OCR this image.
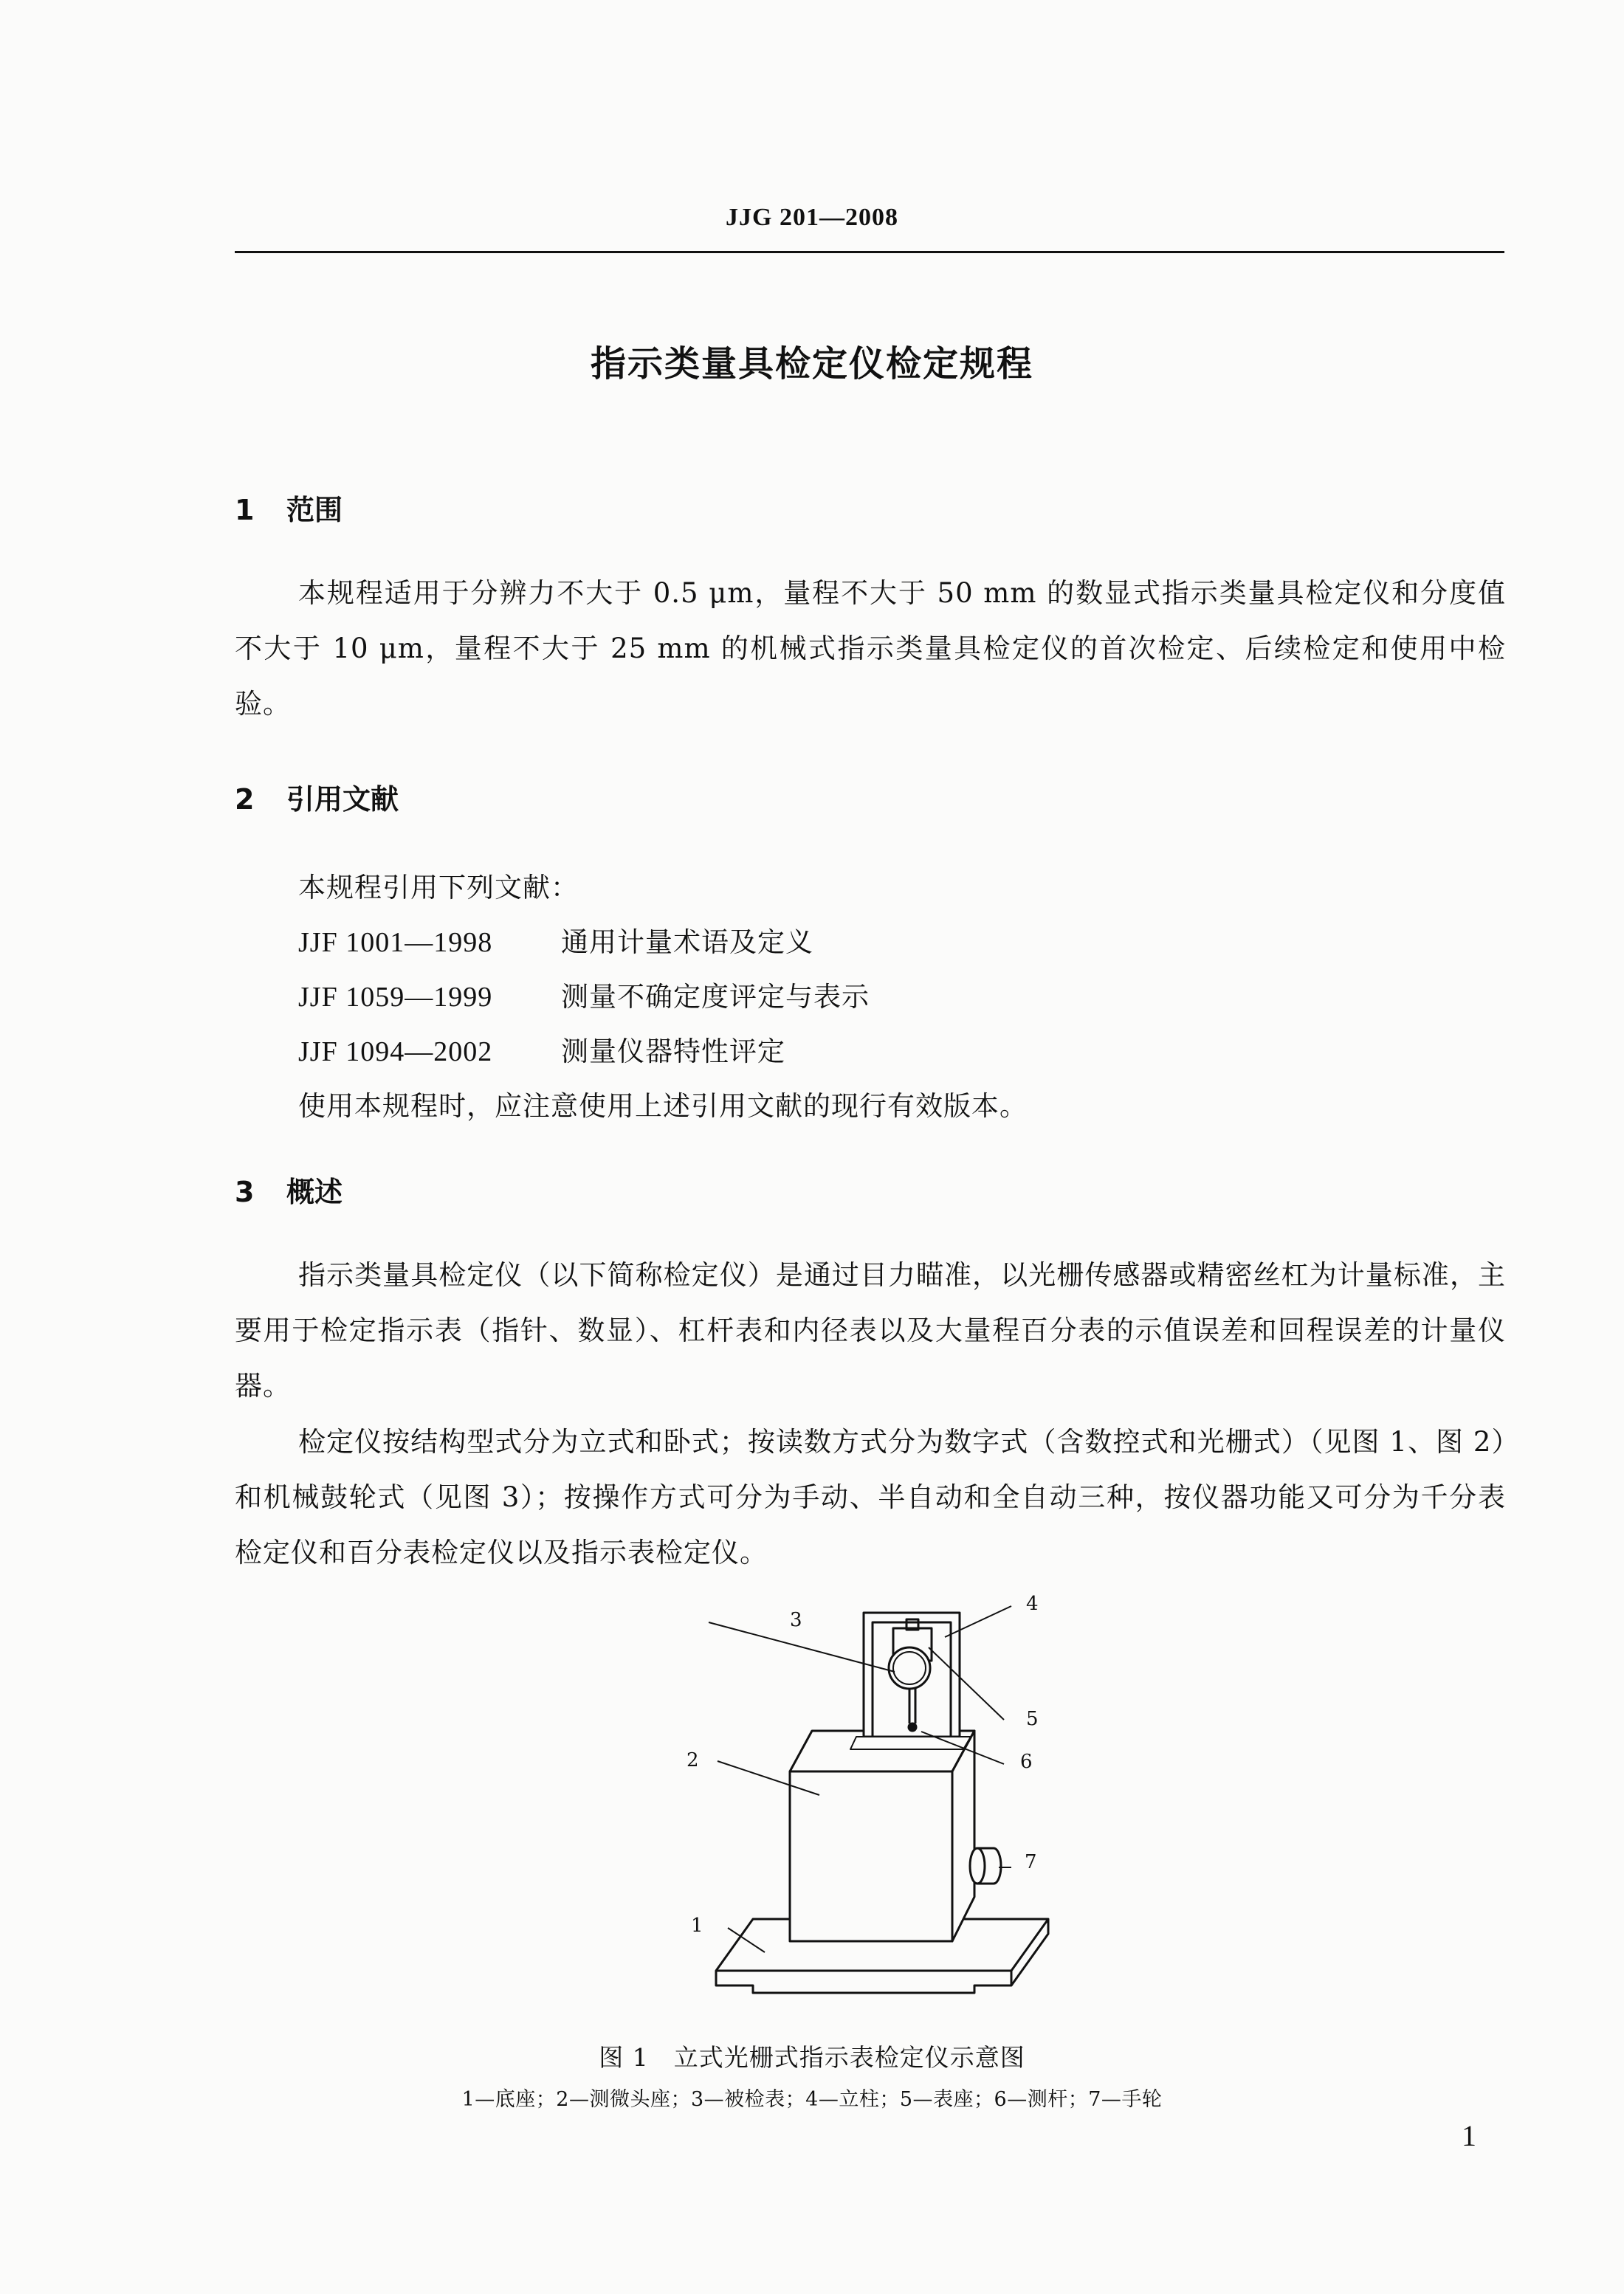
JJG 201—2008
指示类量具检定仪检定规程
1 范围
本规程适用于分辨力不大于 0.5 μm，量程不大于 50 mm 的数显式指示类量具检定仪和分度值不大于 10 μm，量程不大于 25 mm 的机械式指示类量具检定仪的首次检定、后续检定和使用中检验。
2 引用文献
本规程引用下列文献：
JJF 1001—1998	通用计量术语及定义
JJF 1059—1999	测量不确定度评定与表示
JJF 1094—2002	测量仪器特性评定
使用本规程时，应注意使用上述引用文献的现行有效版本。
3 概述
指示类量具检定仪（以下简称检定仪）是通过目力瞄准，以光栅传感器或精密丝杠为计量标准，主要用于检定指示表（指针、数显）、杠杆表和内径表以及大量程百分表的示值误差和回程误差的计量仪器。
检定仪按结构型式分为立式和卧式；按读数方式分为数字式（含数控式和光栅式）（见图 1、图 2）和机械鼓轮式（见图 3）；按操作方式可分为手动、半自动和全自动三种，按仪器功能又可分为千分表检定仪和百分表检定仪以及指示表检定仪。
1
2
3
4
5
6
7
图 1　立式光栅式指示表检定仪示意图
1—底座；2—测微头座；3—被检表；4—立柱；5—表座；6—测杆；7—手轮
1
